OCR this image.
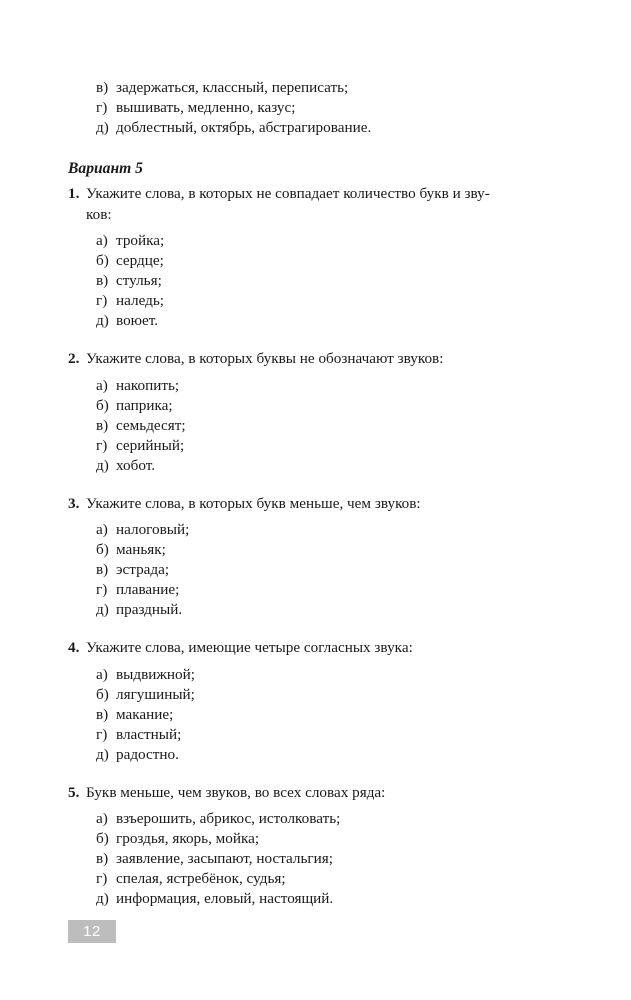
в) задержаться, классный, переписать;
г) вышивать, медленно, казус;
д) доблестный, октябрь, абстрагирование.
Вариант 5
1. Укажите слова, в которых не совпадает количество букв и зву-
ков:
а) тройка;
б) сердце;
в) стулья;
г) наледь;
д) воюет.
2. Укажите слова, в которых буквы не обозначают звуков:
а) накопить;
б) паприка;
в) семьдесят;
г) серийный;
д) хобот.
3. Укажите слова, в которых букв меньше, чем звуков:
а) налоговый;
б) маньяк;
в) эстрада;
г) плавание;
д) праздный.
4. Укажите слова, имеющие четыре согласных звука:
а) выдвижной;
б) лягушиный;
в) макание;
г) властный;
д) радостно.
5. Букв меньше, чем звуков, во всех словах ряда:
а) взъерошить, абрикос, истолковать;
б) гроздья, якорь, мойка;
в) заявление, засыпают, ностальгия;
г) спелая, ястребёнок, судья;
д) информация, еловый, настоящий.
12
